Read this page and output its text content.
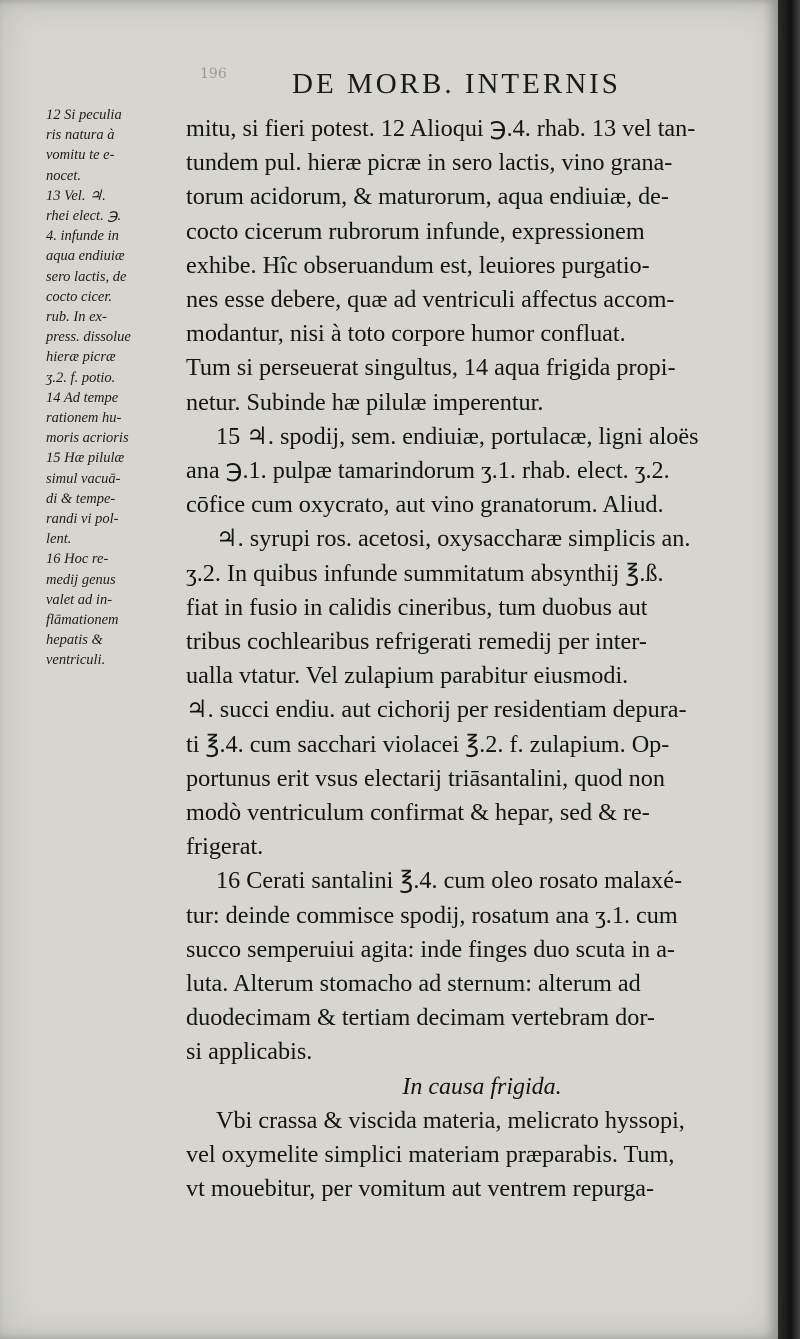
196 DE MORB. INTERNIS
12 Si peculia
ris natura à
vomitu te e-
nocet.
13 Vel. ♃.
rhei elect. ℈.
4. infunde in
aqua endiuiæ
sero lactis, de
cocto cicer.
rub. In ex-
press. dissolue
hieræ picræ
ʒ.2. f. potio.
14 Ad tempe
rationem hu-
moris acrioris
15 Hæ pilulæ
simul vacuā-
di & tempe-
randi vi pol-
lent.
16 Hoc re-
medij genus
valet ad in-
flāmationem
hepatis &
ventriculi.
mitu, si fieri potest. 12 Alioqui ℈.4. rhab. 13 vel tan-
tundem pul. hieræ picræ in sero lactis, vino grana-
torum acidorum, & maturorum, aqua endiuiæ, de-
cocto cicerum rubrorum infunde, expressionem
exhibe. Hîc obseruandum est, leuiores purgatio-
nes esse debere, quæ ad ventriculi affectus accom-
modantur, nisi à toto corpore humor confluat.
Tum si perseuerat singultus, 14 aqua frigida propi-
netur. Subinde hæ pilulæ imperentur.
15 ♃. spodij, sem. endiuiæ, portulacæ, ligni aloës
ana ℈.1. pulpæ tamarindorum ʒ.1. rhab. elect. ʒ.2.
cōfice cum oxycrato, aut vino granatorum. Aliud.
♃. syrupi ros. acetosi, oxysaccharæ simplicis an.
ʒ.2. In quibus infunde summitatum absynthij ℥.ß.
fiat in fusio in calidis cineribus, tum duobus aut
tribus cochlearibus refrigerati remedij per inter-
ualla vtatur. Vel zulapium parabitur eiusmodi.
♃. succi endiu. aut cichorij per residentiam depura-
ti ℥.4. cum sacchari violacei ℥.2. f. zulapium. Op-
portunus erit vsus electarij triāsantalini, quod non
modò ventriculum confirmat & hepar, sed & re-
frigerat.
16 Cerati santalini ℥.4. cum oleo rosato malaxé-
tur: deinde commisce spodij, rosatum ana ʒ.1. cum
succo semperuiui agita: inde finges duo scuta in a-
luta. Alterum stomacho ad sternum: alterum ad
duodecimam & tertiam decimam vertebram dor-
si applicabis.
In causa frigida.
Vbi crassa & viscida materia, melicrato hyssopi,
vel oxymelite simplici materiam præparabis. Tum,
vt mouebitur, per vomitum aut ventrem repurga-
